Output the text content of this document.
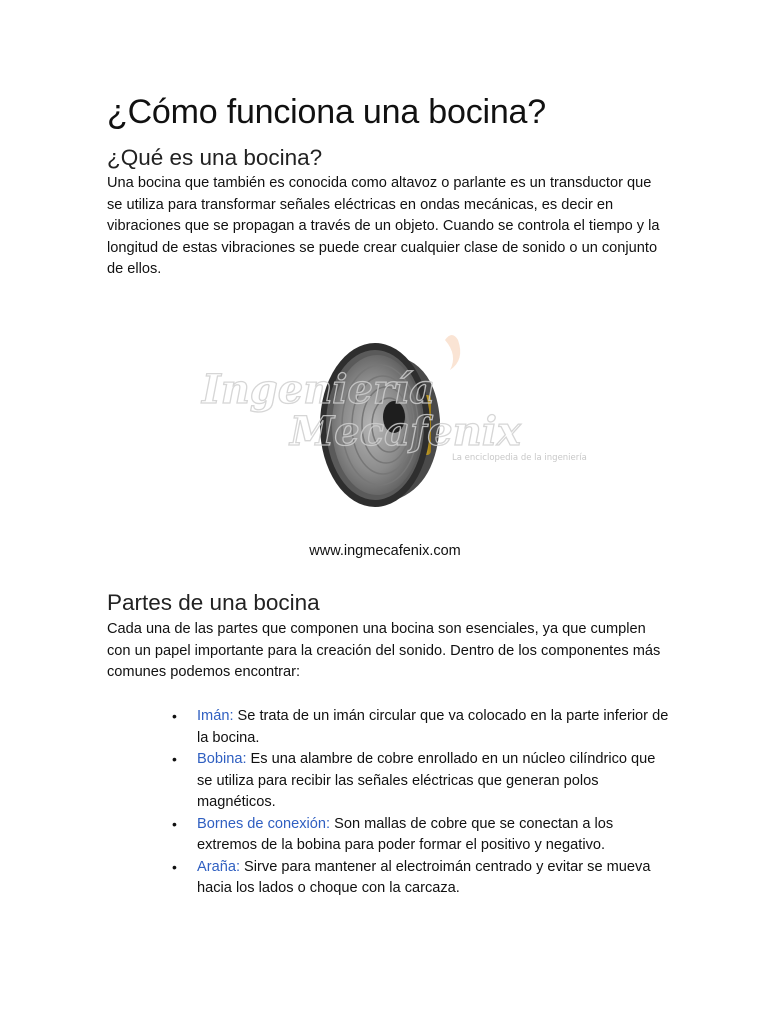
¿Cómo funciona una bocina?
¿Qué es una bocina?

Una bocina que también es conocida como altavoz o parlante es un transductor que se utiliza para transformar señales eléctricas en ondas mecánicas, es decir en vibraciones que se propagan a través de un objeto. Cuando se controla el tiempo y la longitud de estas vibraciones se puede crear cualquier clase de sonido o un conjunto de ellos.

Ingeniería
Mecafenix
La enciclopedia de la ingeniería
www.ingmecafenix.com
Partes de una bocina

Cada una de las partes que componen una bocina son esenciales, ya que cumplen con un papel importante para la creación del sonido. Dentro de los componentes más comunes podemos encontrar:

• Imán: Se trata de un imán circular que va colocado en la parte inferior de la bocina.
• Bobina: Es una alambre de cobre enrollado en un núcleo cilíndrico que se utiliza para recibir las señales eléctricas que generan polos magnéticos.
• Bornes de conexión: Son mallas de cobre que se conectan a los extremos de la bobina para poder formar el positivo y negativo.
• Araña: Sirve para mantener al electroimán centrado y evitar se mueva hacia los lados o choque con la carcaza.
